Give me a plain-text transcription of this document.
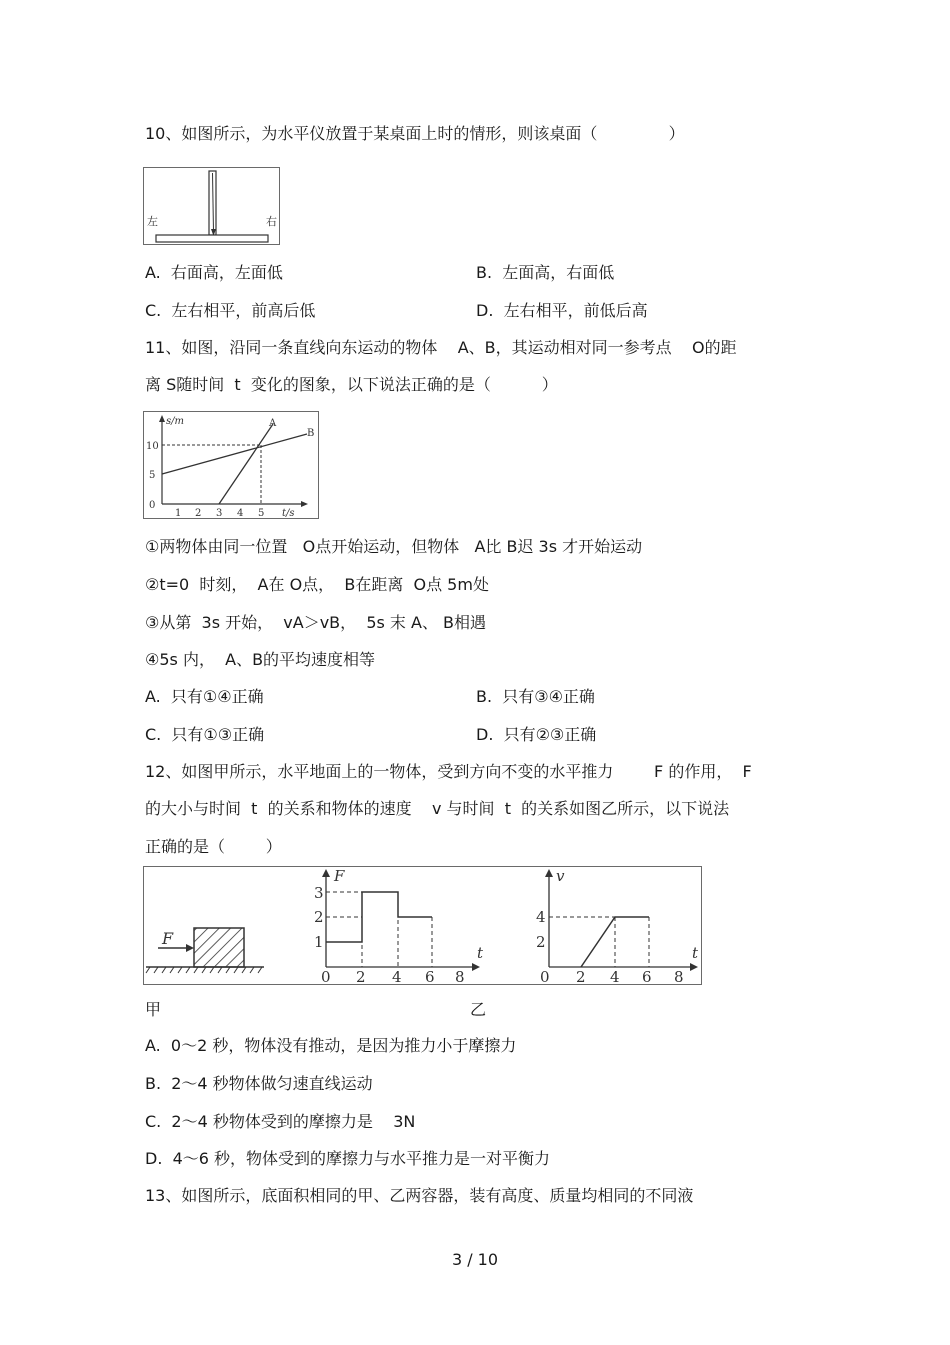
10、如图所示，为水平仪放置于某桌面上时的情形，则该桌面（              ）
左	右
A.  右面高，左面低	B.  左面高，右面低
C.  左右相平，前高后低	D.  左右相平，前低后高
11、如图，沿同一条直线向东运动的物体    A、B，其运动相对同一参考点    O的距
离 S随时间  t  变化的图象，以下说法正确的是（          ）
s/m
t/s
0
5
10
1 2 3 4 5
A
B
①两物体由同一位置   O点开始运动，但物体   A比 B迟 3s 才开始运动
②t=0  时刻，  A在 O点，  B在距离  O点 5m处
③从第  3s 开始，  vA＞vB，  5s 末 A、 B相遇
④5s 内，  A、B的平均速度相等
A.  只有①④正确	B.  只有③④正确
C.  只有①③正确	D.  只有②③正确
12、如图甲所示，水平地面上的一物体，受到方向不变的水平推力        F 的作用，  F
的大小与时间  t  的关系和物体的速度    v 与时间  t  的关系如图乙所示，以下说法
正确的是（        ）
F
F
t
1
2
3
0 2 4 6 8
v
t
2
4
0 2 4 6 8
甲	乙
A.  0～2 秒，物体没有推动，是因为推力小于摩擦力
B.  2～4 秒物体做匀速直线运动
C.  2～4 秒物体受到的摩擦力是    3N
D.  4～6 秒，物体受到的摩擦力与水平推力是一对平衡力
13、如图所示，底面积相同的甲、乙两容器，装有高度、质量均相同的不同液
3 / 10
